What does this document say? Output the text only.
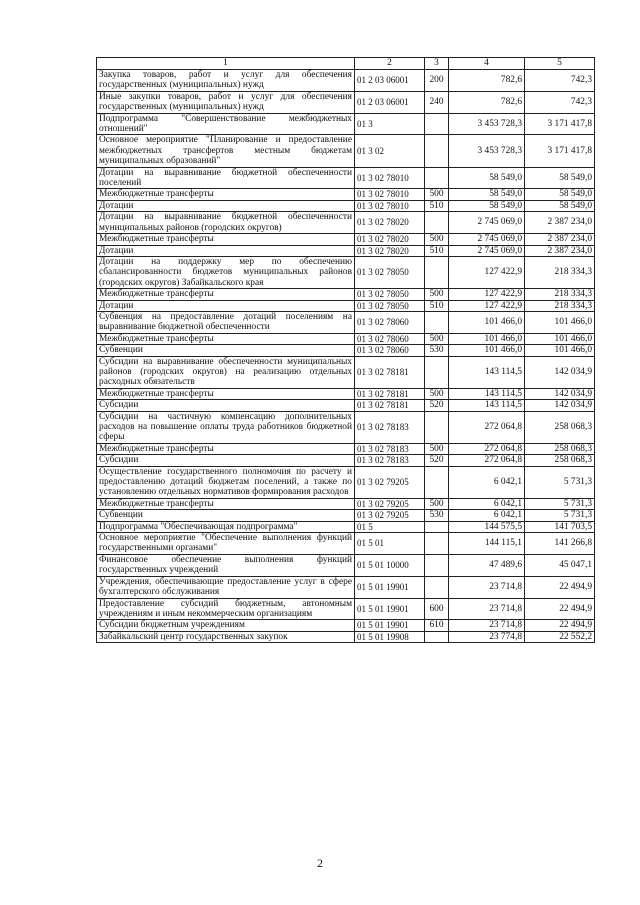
1	2	3	4	5
Закупка товаров, работ и услуг для обеспечения государственных (муниципальных) нужд	01 2 03 06001	200	782,6	742,3
Иные закупки товаров, работ и услуг для обеспечения государственных (муниципальных) нужд	01 2 03 06001	240	782,6	742,3
Подпрограмма "Совершенствование межбюджетных отношений"	01 3		3 453 728,3	3 171 417,8
Основное мероприятие "Планирование и предоставление межбюджетных трансфертов местным бюджетам муниципальных образований"	01 3 02		3 453 728,3	3 171 417,8
Дотации на выравнивание бюджетной обеспеченности поселений	01 3 02 78010		58 549,0	58 549,0
Межбюджетные трансферты	01 3 02 78010	500	58 549,0	58 549,0
Дотации	01 3 02 78010	510	58 549,0	58 549,0
Дотации на выравнивание бюджетной обеспеченности муниципальных районов (городских округов)	01 3 02 78020		2 745 069,0	2 387 234,0
Межбюджетные трансферты	01 3 02 78020	500	2 745 069,0	2 387 234,0
Дотации	01 3 02 78020	510	2 745 069,0	2 387 234,0
Дотации на поддержку мер по обеспечению сбалансированности бюджетов муниципальных районов (городских округов) Забайкальского края	01 3 02 78050		127 422,9	218 334,3
Межбюджетные трансферты	01 3 02 78050	500	127 422,9	218 334,3
Дотации	01 3 02 78050	510	127 422,9	218 334,3
Субвенция на предоставление дотаций поселениям на выравнивание бюджетной обеспеченности	01 3 02 78060		101 466,0	101 466,0
Межбюджетные трансферты	01 3 02 78060	500	101 466,0	101 466,0
Субвенции	01 3 02 78060	530	101 466,0	101 466,0
Субсидии на выравнивание обеспеченности муниципальных районов (городских округов) на реализацию отдельных расходных обязательств	01 3 02 78181		143 114,5	142 034,9
Межбюджетные трансферты	01 3 02 78181	500	143 114,5	142 034,9
Субсидии	01 3 02 78181	520	143 114,5	142 034,9
Субсидии на частичную компенсацию дополнительных расходов на повышение оплаты труда работников бюджетной сферы	01 3 02 78183		272 064,8	258 068,3
Межбюджетные трансферты	01 3 02 78183	500	272 064,8	258 068,3
Субсидии	01 3 02 78183	520	272 064,8	258 068,3
Осуществление государственного полномочия по расчету и предоставлению дотаций бюджетам поселений, а также по установлению отдельных нормативов формирования расходов	01 3 02 79205		6 042,1	5 731,3
Межбюджетные трансферты	01 3 02 79205	500	6 042,1	5 731,3
Субвенции	01 3 02 79205	530	6 042,1	5 731,3
Подпрограмма "Обеспечивающая подпрограмма"	01 5		144 575,5	141 703,5
Основное мероприятие "Обеспечение выполнения функций государственными органами"	01 5 01		144 115,1	141 266,8
Финансовое обеспечение выполнения функций государственных учреждений	01 5 01 10000		47 489,6	45 047,1
Учреждения, обеспечивающие предоставление услуг в сфере бухгалтерского обслуживания	01 5 01 19901		23 714,8	22 494,9
Предоставление субсидий бюджетным, автономным учреждениям и иным некоммерческим организациям	01 5 01 19901	600	23 714,8	22 494,9
Субсидии бюджетным учреждениям	01 5 01 19901	610	23 714,8	22 494,9
Забайкальский центр государственных закупок	01 5 01 19908		23 774,8	22 552,2
2
